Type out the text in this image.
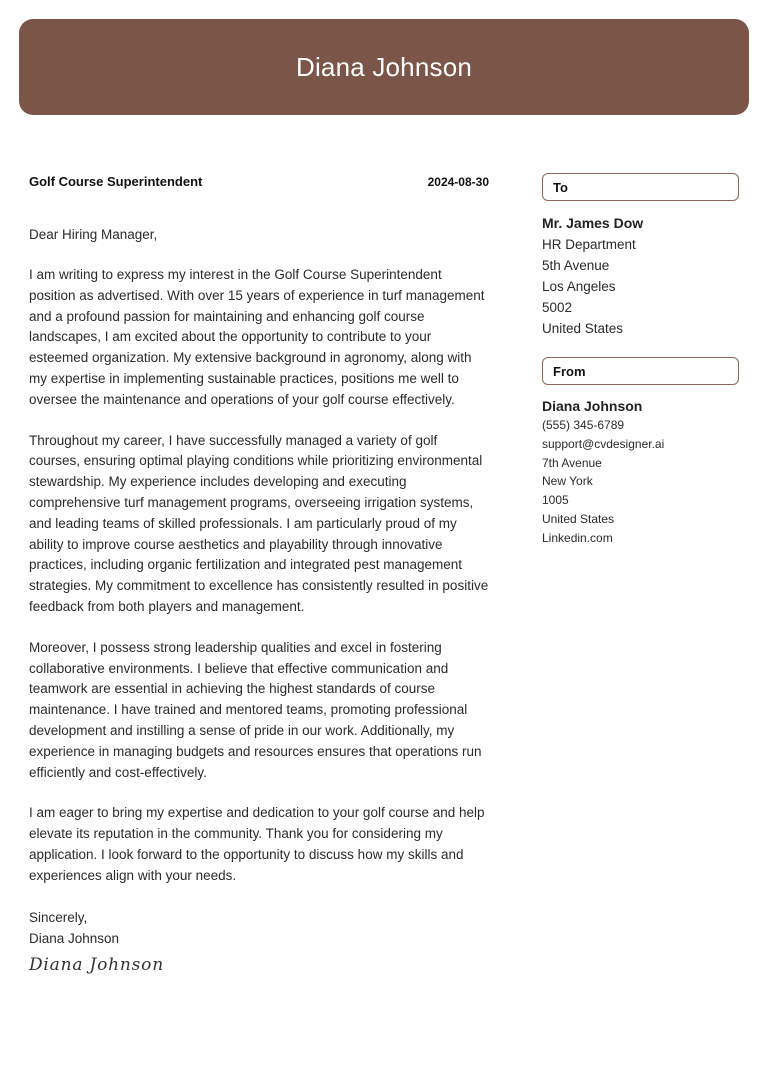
Diana Johnson
Golf Course Superintendent	2024-08-30
Dear Hiring Manager,
I am writing to express my interest in the Golf Course Superintendent position as advertised. With over 15 years of experience in turf management and a profound passion for maintaining and enhancing golf course landscapes, I am excited about the opportunity to contribute to your esteemed organization. My extensive background in agronomy, along with my expertise in implementing sustainable practices, positions me well to oversee the maintenance and operations of your golf course effectively.
Throughout my career, I have successfully managed a variety of golf courses, ensuring optimal playing conditions while prioritizing environmental stewardship. My experience includes developing and executing comprehensive turf management programs, overseeing irrigation systems, and leading teams of skilled professionals. I am particularly proud of my ability to improve course aesthetics and playability through innovative practices, including organic fertilization and integrated pest management strategies. My commitment to excellence has consistently resulted in positive feedback from both players and management.
Moreover, I possess strong leadership qualities and excel in fostering collaborative environments. I believe that effective communication and teamwork are essential in achieving the highest standards of course maintenance. I have trained and mentored teams, promoting professional development and instilling a sense of pride in our work. Additionally, my experience in managing budgets and resources ensures that operations run efficiently and cost-effectively.
I am eager to bring my expertise and dedication to your golf course and help elevate its reputation in the community. Thank you for considering my application. I look forward to the opportunity to discuss how my skills and experiences align with your needs.
Sincerely,
Diana Johnson
Diana Johnson
To
Mr. James Dow
HR Department
5th Avenue
Los Angeles
5002
United States
From
Diana Johnson
(555) 345-6789
support@cvdesigner.ai
7th Avenue
New York
1005
United States
Linkedin.com
